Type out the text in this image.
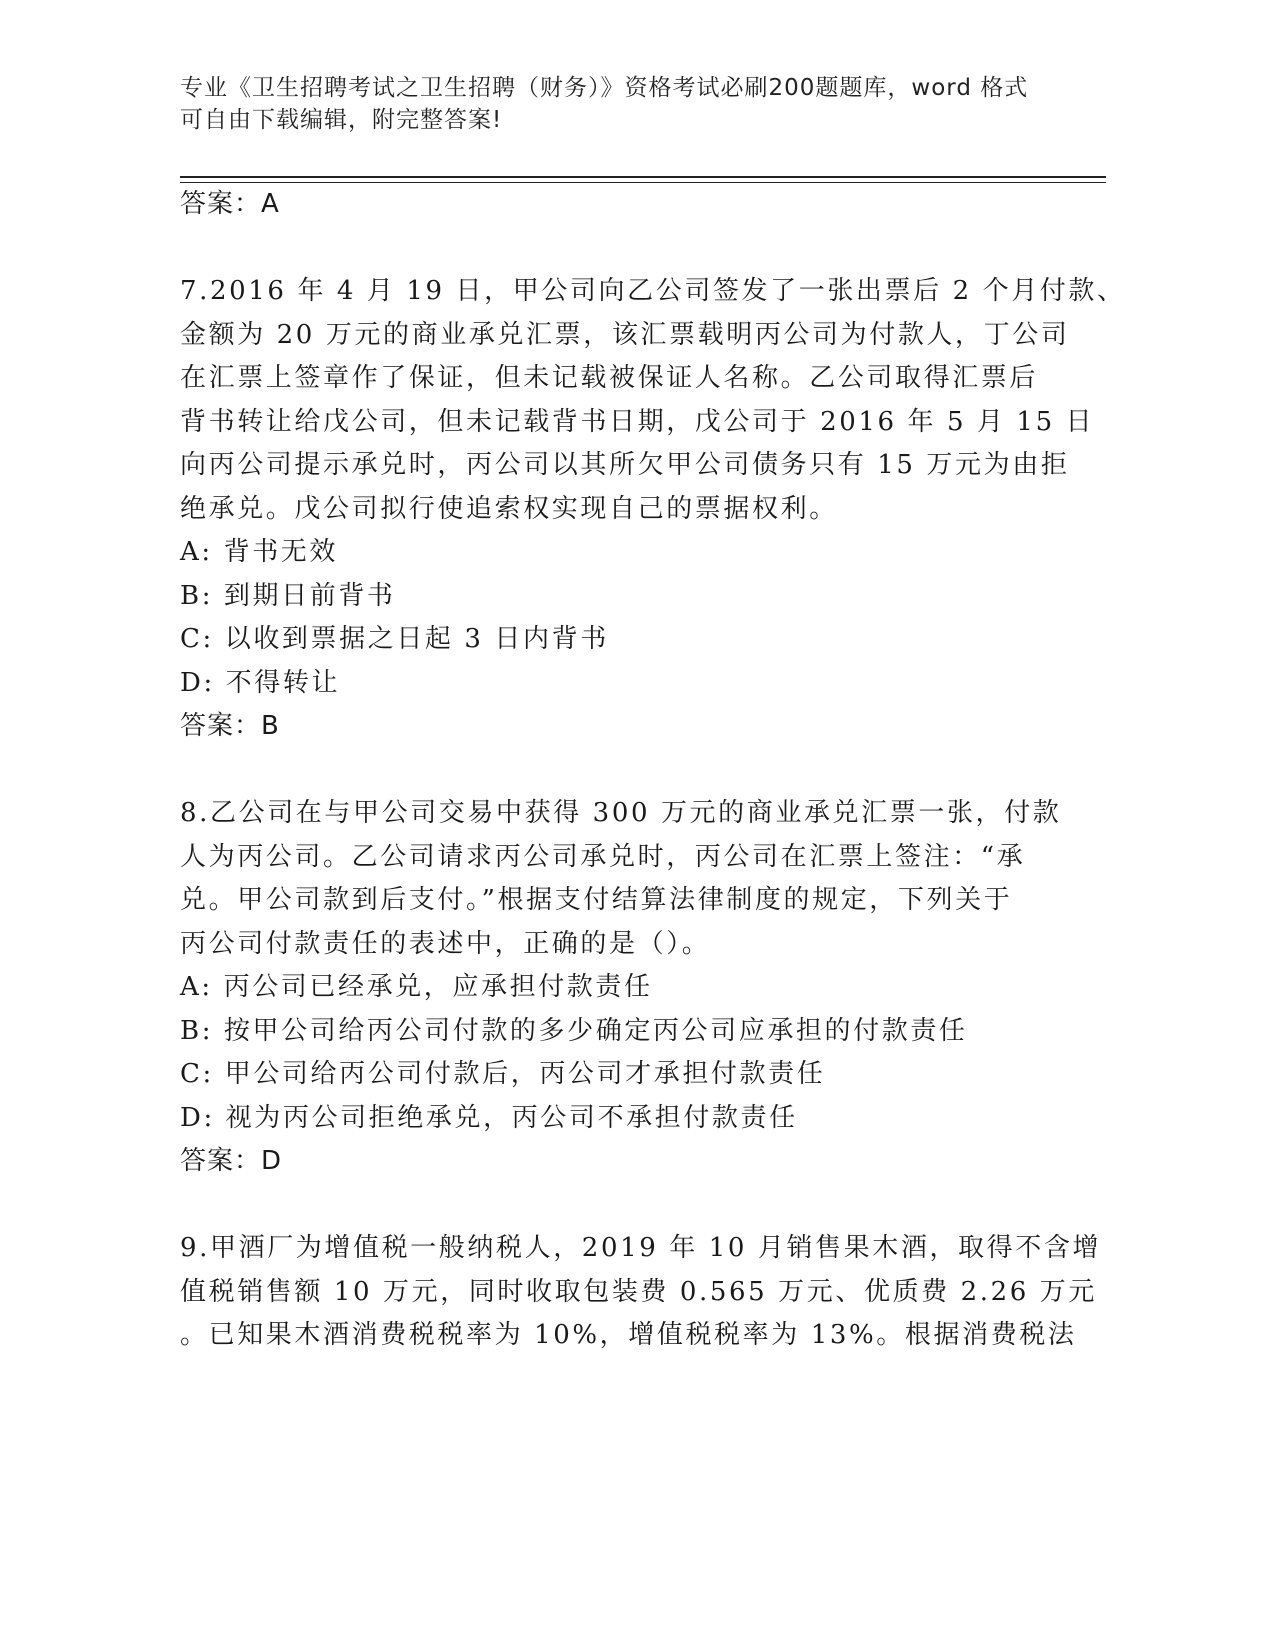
专业《卫生招聘考试之卫生招聘（财务）》资格考试必刷200题题库，word 格式
可自由下载编辑，附完整答案!
答案：A
7.2016 年 4 月 19 日，甲公司向乙公司签发了一张出票后 2 个月付款、
金额为 20 万元的商业承兑汇票，该汇票载明丙公司为付款人，丁公司
在汇票上签章作了保证，但未记载被保证人名称。乙公司取得汇票后
背书转让给戊公司，但未记载背书日期，戊公司于 2016 年 5 月 15 日
向丙公司提示承兑时，丙公司以其所欠甲公司债务只有 15 万元为由拒
绝承兑。戊公司拟行使追索权实现自己的票据权利。
A: 背书无效
B: 到期日前背书
C: 以收到票据之日起 3 日内背书
D: 不得转让
答案：B
8.乙公司在与甲公司交易中获得 300 万元的商业承兑汇票一张，付款
人为丙公司。乙公司请求丙公司承兑时，丙公司在汇票上签注：“承
兑。甲公司款到后支付。”根据支付结算法律制度的规定，下列关于
丙公司付款责任的表述中，正确的是（）。
A: 丙公司已经承兑，应承担付款责任
B: 按甲公司给丙公司付款的多少确定丙公司应承担的付款责任
C: 甲公司给丙公司付款后，丙公司才承担付款责任
D: 视为丙公司拒绝承兑，丙公司不承担付款责任
答案：D
9.甲酒厂为增值税一般纳税人，2019 年 10 月销售果木酒，取得不含增
值税销售额 10 万元，同时收取包装费 0.565 万元、优质费 2.26 万元
。已知果木酒消费税税率为 10%，增值税税率为 13%。根据消费税法
